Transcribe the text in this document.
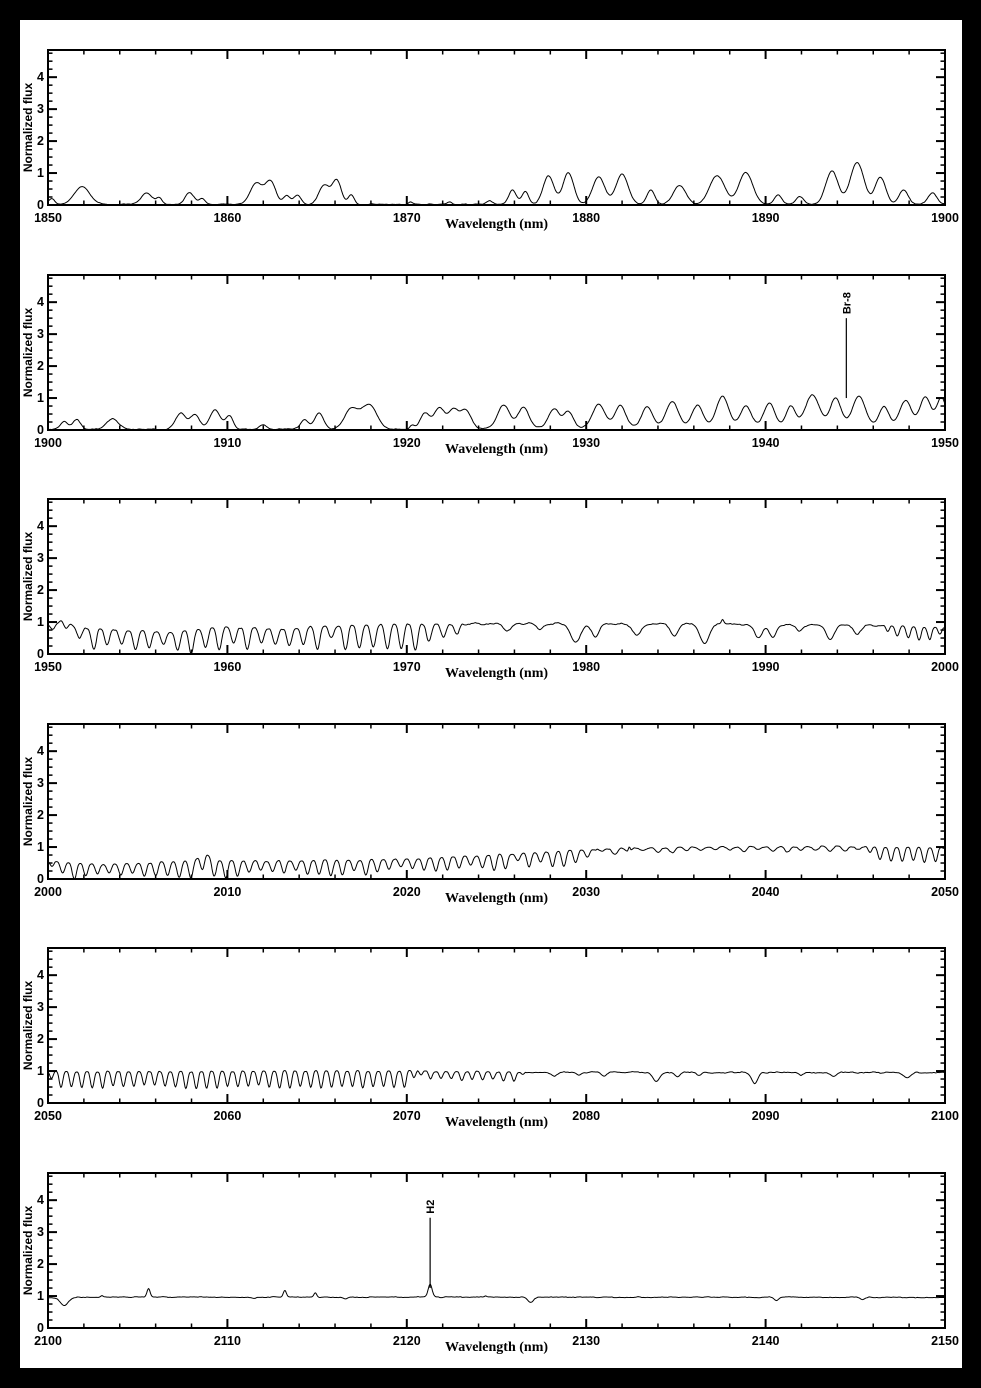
1850	1860	1870	1880	1890	1900
0
1
2
3
4
Normalized flux
Wavelength (nm)
1900	1910	1920	1930	1940	1950
0
1
2
3
4
Normalized flux
Wavelength (nm)
Br-8
1950	1960	1970	1980	1990	2000
0
1
2
3
4
Normalized flux
Wavelength (nm)
2000	2010	2020	2030	2040	2050
0
1
2
3
4
Normalized flux
Wavelength (nm)
2050	2060	2070	2080	2090	2100
0
1
2
3
4
Normalized flux
Wavelength (nm)
2100	2110	2120	2130	2140	2150
0
1
2
3
4
Normalized flux
Wavelength (nm)
H2
